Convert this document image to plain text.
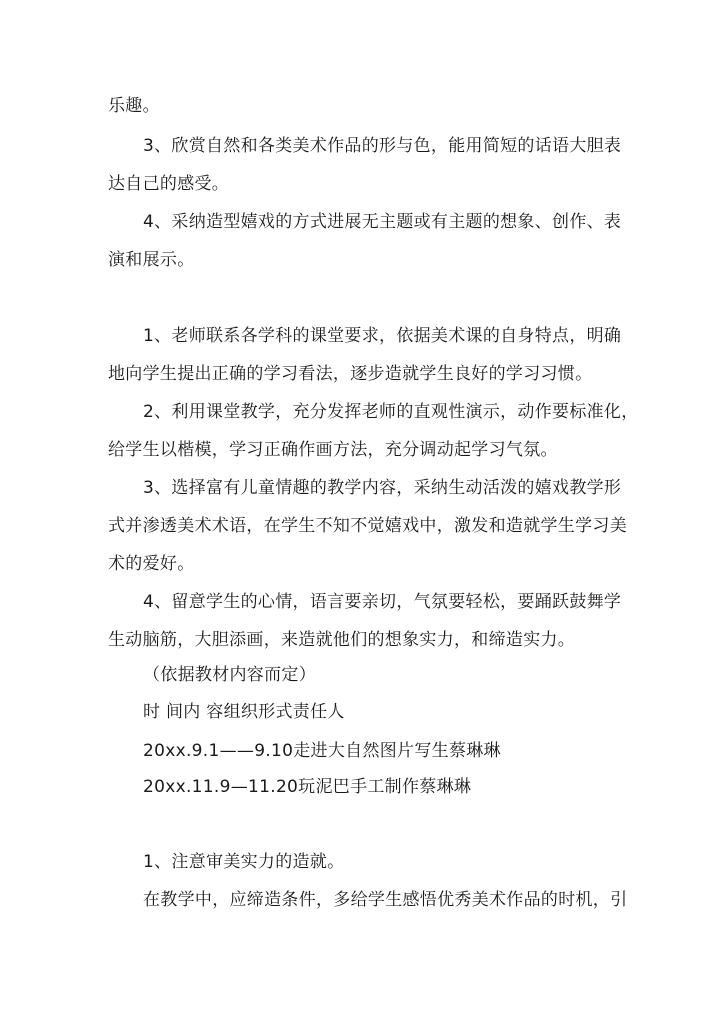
乐趣。
3、欣赏自然和各类美术作品的形与色，能用简短的话语大胆表
达自己的感受。
4、采纳造型嬉戏的方式进展无主题或有主题的想象、创作、表
演和展示。
1、老师联系各学科的课堂要求，依据美术课的自身特点，明确
地向学生提出正确的学习看法，逐步造就学生良好的学习习惯。
2、利用课堂教学，充分发挥老师的直观性演示，动作要标准化，
给学生以楷模，学习正确作画方法，充分调动起学习气氛。
3、选择富有儿童情趣的教学内容，采纳生动活泼的嬉戏教学形
式并渗透美术术语，在学生不知不觉嬉戏中，激发和造就学生学习美
术的爱好。
4、留意学生的心情，语言要亲切，气氛要轻松，要踊跃鼓舞学
生动脑筋，大胆添画，来造就他们的想象实力，和缔造实力。
（依据教材内容而定）
时 间内 容组织形式责任人
20xx.9.1——9.10走进大自然图片写生蔡琳琳
20xx.11.9—11.20玩泥巴手工制作蔡琳琳
1、注意审美实力的造就。
在教学中，应缔造条件，多给学生感悟优秀美术作品的时机，引
